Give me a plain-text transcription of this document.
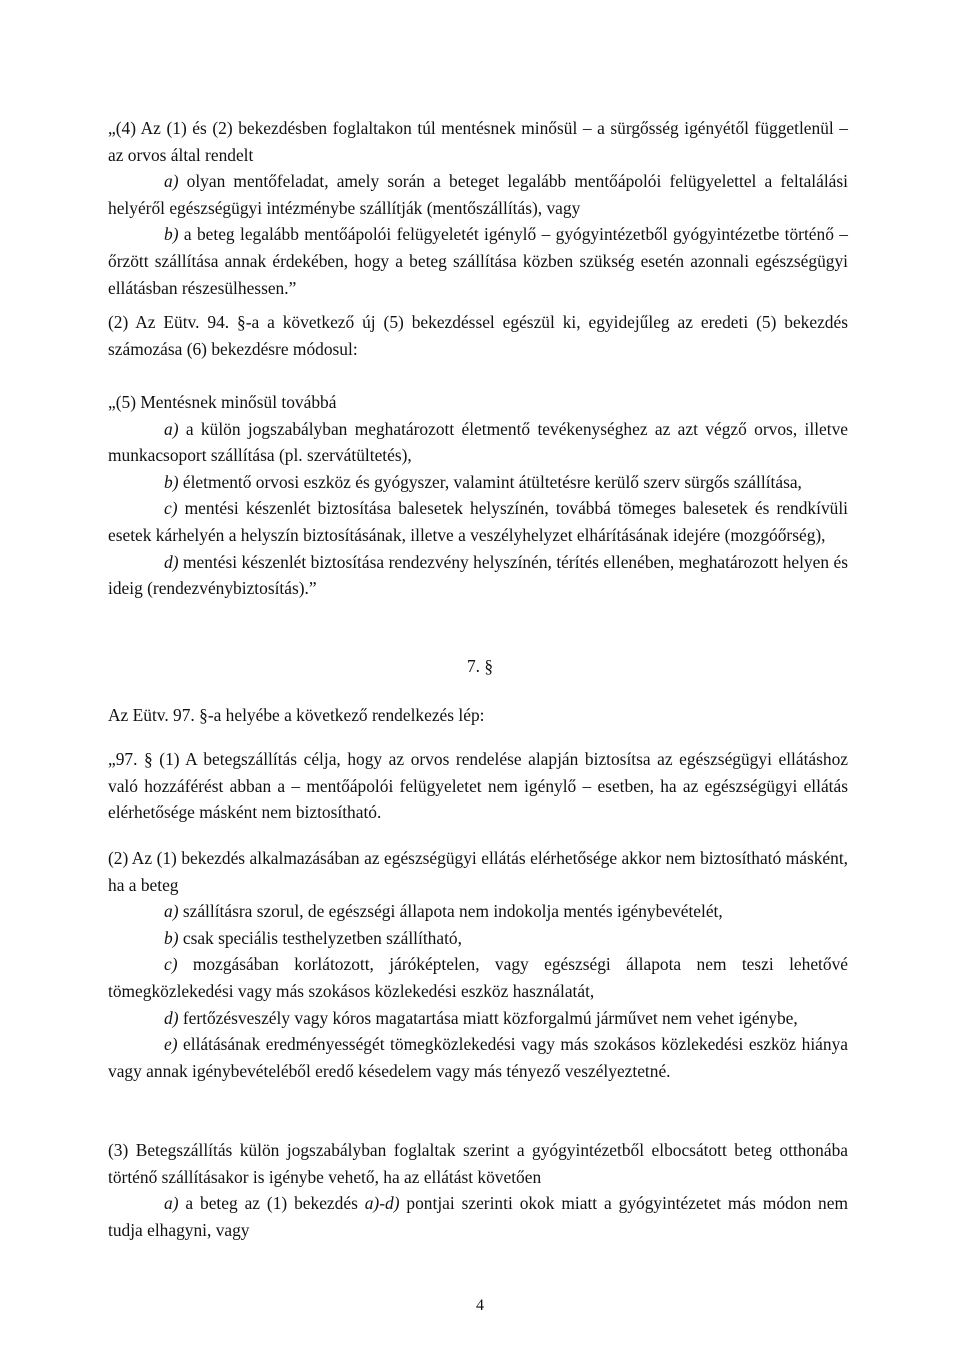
„(4) Az (1) és (2) bekezdésben foglaltakon túl mentésnek minősül – a sürgősség igényétől függetlenül – az orvos által rendelt

a) olyan mentőfeladat, amely során a beteget legalább mentőápolói felügyelettel a feltalálási helyéről egészségügyi intézménybe szállítják (mentőszállítás), vagy

b) a beteg legalább mentőápolói felügyeletét igénylő – gyógyintézetből gyógyintézetbe történő – őrzött szállítása annak érdekében, hogy a beteg szállítása közben szükség esetén azonnali egészségügyi ellátásban részesülhessen.”

(2) Az Eütv. 94. §-a a következő új (5) bekezdéssel egészül ki, egyidejűleg az eredeti (5) bekezdés számozása (6) bekezdésre módosul:

„(5) Mentésnek minősül továbbá

a) a külön jogszabályban meghatározott életmentő tevékenységhez az azt végző orvos, illetve munkacsoport szállítása (pl. szervátültetés),

b) életmentő orvosi eszköz és gyógyszer, valamint átültetésre kerülő szerv sürgős szállítása,

c) mentési készenlét biztosítása balesetek helyszínén, továbbá tömeges balesetek és rendkívüli esetek kárhelyén a helyszín biztosításának, illetve a veszélyhelyzet elhárításának idejére (mozgóőrség),

d) mentési készenlét biztosítása rendezvény helyszínén, térítés ellenében, meghatározott helyen és ideig (rendezvénybiztosítás).”

7. §

Az Eütv. 97. §-a helyébe a következő rendelkezés lép:

„97. § (1) A betegszállítás célja, hogy az orvos rendelése alapján biztosítsa az egészségügyi ellátáshoz való hozzáférést abban a – mentőápolói felügyeletet nem igénylő – esetben, ha az egészségügyi ellátás elérhetősége másként nem biztosítható.

(2) Az (1) bekezdés alkalmazásában az egészségügyi ellátás elérhetősége akkor nem biztosítható másként, ha a beteg

a) szállításra szorul, de egészségi állapota nem indokolja mentés igénybevételét,

b) csak speciális testhelyzetben szállítható,

c) mozgásában korlátozott, járóképtelen, vagy egészségi állapota nem teszi lehetővé tömegközlekedési vagy más szokásos közlekedési eszköz használatát,

d) fertőzésveszély vagy kóros magatartása miatt közforgalmú járművet nem vehet igénybe,

e) ellátásának eredményességét tömegközlekedési vagy más szokásos közlekedési eszköz hiánya vagy annak igénybevételéből eredő késedelem vagy más tényező veszélyeztetné.

(3) Betegszállítás külön jogszabályban foglaltak szerint a gyógyintézetből elbocsátott beteg otthonába történő szállításakor is igénybe vehető, ha az ellátást követően

a) a beteg az (1) bekezdés a)-d) pontjai szerinti okok miatt a gyógyintézetet más módon nem tudja elhagyni, vagy

4
